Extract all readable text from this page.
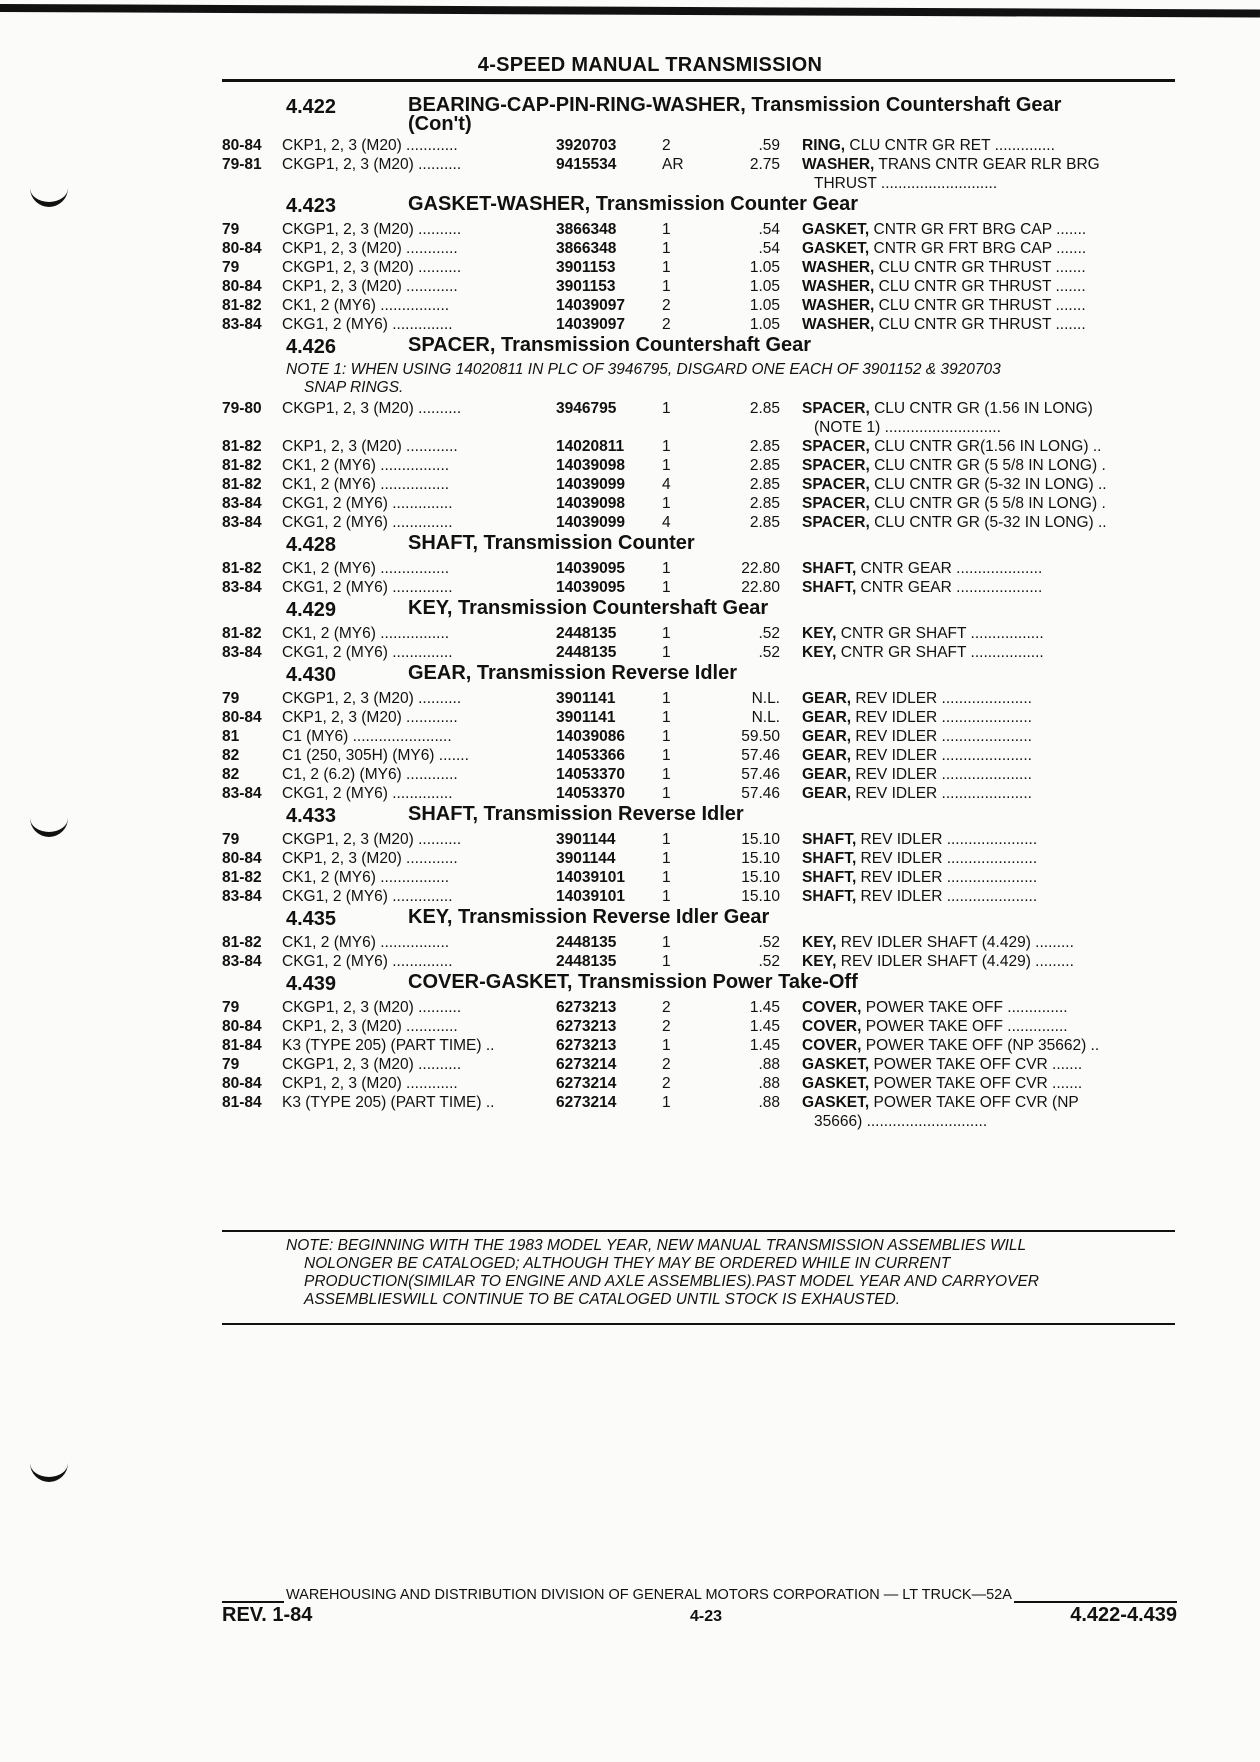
4-SPEED MANUAL TRANSMISSION
4.422	BEARING-CAP-PIN-RING-WASHER, Transmission Countershaft Gear
(Con't)
80-84	CKP1, 2, 3 (M20) ............	3920703	2	.59	RING, CLU CNTR GR RET ..............
79-81	CKGP1, 2, 3 (M20) ..........	9415534	AR	2.75	WASHER, TRANS CNTR GEAR RLR BRG
THRUST ...........................
4.423	GASKET-WASHER, Transmission Counter Gear
79	CKGP1, 2, 3 (M20) ..........	3866348	1	.54	GASKET, CNTR GR FRT BRG CAP .......
80-84	CKP1, 2, 3 (M20) ............	3866348	1	.54	GASKET, CNTR GR FRT BRG CAP .......
79	CKGP1, 2, 3 (M20) ..........	3901153	1	1.05	WASHER, CLU CNTR GR THRUST .......
80-84	CKP1, 2, 3 (M20) ............	3901153	1	1.05	WASHER, CLU CNTR GR THRUST .......
81-82	CK1, 2 (MY6) ................	14039097	2	1.05	WASHER, CLU CNTR GR THRUST .......
83-84	CKG1, 2 (MY6) ..............	14039097	2	1.05	WASHER, CLU CNTR GR THRUST .......
4.426	SPACER, Transmission Countershaft Gear
NOTE 1: WHEN USING 14020811 IN PLC OF 3946795, DISGARD ONE EACH OF 3901152 & 3920703
SNAP RINGS.
79-80	CKGP1, 2, 3 (M20) ..........	3946795	1	2.85	SPACER, CLU CNTR GR (1.56 IN LONG)
(NOTE 1) ...........................
81-82	CKP1, 2, 3 (M20) ............	14020811	1	2.85	SPACER, CLU CNTR GR(1.56 IN LONG) ..
81-82	CK1, 2 (MY6) ................	14039098	1	2.85	SPACER, CLU CNTR GR (5 5/8 IN LONG) .
81-82	CK1, 2 (MY6) ................	14039099	4	2.85	SPACER, CLU CNTR GR (5-32 IN LONG) ..
83-84	CKG1, 2 (MY6) ..............	14039098	1	2.85	SPACER, CLU CNTR GR (5 5/8 IN LONG) .
83-84	CKG1, 2 (MY6) ..............	14039099	4	2.85	SPACER, CLU CNTR GR (5-32 IN LONG) ..
4.428	SHAFT, Transmission Counter
81-82	CK1, 2 (MY6) ................	14039095	1	22.80	SHAFT, CNTR GEAR ....................
83-84	CKG1, 2 (MY6) ..............	14039095	1	22.80	SHAFT, CNTR GEAR ....................
4.429	KEY, Transmission Countershaft Gear
81-82	CK1, 2 (MY6) ................	2448135	1	.52	KEY, CNTR GR SHAFT .................
83-84	CKG1, 2 (MY6) ..............	2448135	1	.52	KEY, CNTR GR SHAFT .................
4.430	GEAR, Transmission Reverse Idler
79	CKGP1, 2, 3 (M20) ..........	3901141	1	N.L.	GEAR, REV IDLER .....................
80-84	CKP1, 2, 3 (M20) ............	3901141	1	N.L.	GEAR, REV IDLER .....................
81	C1 (MY6) .......................	14039086	1	59.50	GEAR, REV IDLER .....................
82	C1 (250, 305H) (MY6) .......	14053366	1	57.46	GEAR, REV IDLER .....................
82	C1, 2 (6.2) (MY6) ............	14053370	1	57.46	GEAR, REV IDLER .....................
83-84	CKG1, 2 (MY6) ..............	14053370	1	57.46	GEAR, REV IDLER .....................
4.433	SHAFT, Transmission Reverse Idler
79	CKGP1, 2, 3 (M20) ..........	3901144	1	15.10	SHAFT, REV IDLER .....................
80-84	CKP1, 2, 3 (M20) ............	3901144	1	15.10	SHAFT, REV IDLER .....................
81-82	CK1, 2 (MY6) ................	14039101	1	15.10	SHAFT, REV IDLER .....................
83-84	CKG1, 2 (MY6) ..............	14039101	1	15.10	SHAFT, REV IDLER .....................
4.435	KEY, Transmission Reverse Idler Gear
81-82	CK1, 2 (MY6) ................	2448135	1	.52	KEY, REV IDLER SHAFT (4.429) .........
83-84	CKG1, 2 (MY6) ..............	2448135	1	.52	KEY, REV IDLER SHAFT (4.429) .........
4.439	COVER-GASKET, Transmission Power Take-Off
79	CKGP1, 2, 3 (M20) ..........	6273213	2	1.45	COVER, POWER TAKE OFF ..............
80-84	CKP1, 2, 3 (M20) ............	6273213	2	1.45	COVER, POWER TAKE OFF ..............
81-84	K3 (TYPE 205) (PART TIME) ..	6273213	1	1.45	COVER, POWER TAKE OFF (NP 35662) ..
79	CKGP1, 2, 3 (M20) ..........	6273214	2	.88	GASKET, POWER TAKE OFF CVR .......
80-84	CKP1, 2, 3 (M20) ............	6273214	2	.88	GASKET, POWER TAKE OFF CVR .......
81-84	K3 (TYPE 205) (PART TIME) ..	6273214	1	.88	GASKET, POWER TAKE OFF CVR (NP
35666) ............................
NOTE: BEGINNING WITH THE 1983 MODEL YEAR, NEW MANUAL TRANSMISSION ASSEMBLIES WILL
NOLONGER BE CATALOGED; ALTHOUGH THEY MAY BE ORDERED WHILE IN CURRENT
PRODUCTION(SIMILAR TO ENGINE AND AXLE ASSEMBLIES).PAST MODEL YEAR AND CARRYOVER
ASSEMBLIESWILL CONTINUE TO BE CATALOGED UNTIL STOCK IS EXHAUSTED.
WAREHOUSING AND DISTRIBUTION DIVISION OF GENERAL MOTORS CORPORATION — LT TRUCK—52A
REV. 1-84	4-23	4.422-4.439
